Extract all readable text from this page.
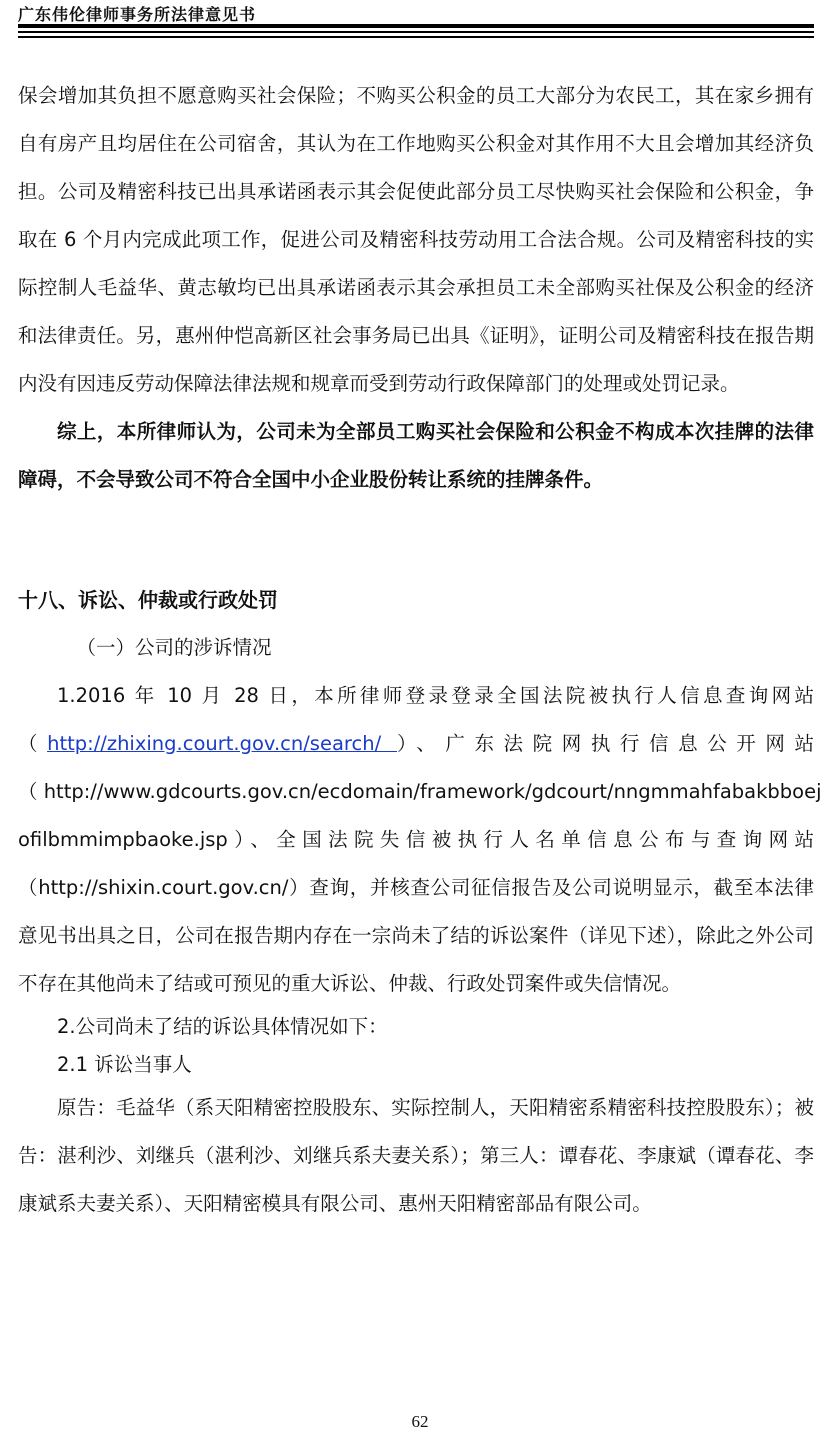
广东伟伦律师事务所法律意见书

保会增加其负担不愿意购买社会保险；不购买公积金的员工大部分为农民工，其在家乡拥有自有房产且均居住在公司宿舍，其认为在工作地购买公积金对其作用不大且会增加其经济负担。公司及精密科技已出具承诺函表示其会促使此部分员工尽快购买社会保险和公积金，争取在 6 个月内完成此项工作，促进公司及精密科技劳动用工合法合规。公司及精密科技的实际控制人毛益华、黄志敏均已出具承诺函表示其会承担员工未全部购买社保及公积金的经济和法律责任。另，惠州仲恺高新区社会事务局已出具《证明》，证明公司及精密科技在报告期内没有因违反劳动保障法律法规和规章而受到劳动行政保障部门的处理或处罚记录。

综上，本所律师认为，公司未为全部员工购买社会保险和公积金不构成本次挂牌的法律障碍，不会导致公司不符合全国中小企业股份转让系统的挂牌条件。

十八、诉讼、仲裁或行政处罚

（一）公司的涉诉情况

1.2016 年 10 月 28 日，本所律师登录登录全国法院被执行人信息查询网站

（http://zhixing.court.gov.cn/search/ ）、广东法院网执行信息公开网站

（ http://www.gdcourts.gov.cn/ecdomain/framework/gdcourt/nngmmahfabakbboej

ofilbmmimpbaoke.jsp）、全国法院失信被执行人名单信息公布与查询网站

（http://shixin.court.gov.cn/）查询，并核查公司征信报告及公司说明显示，截至本法律意见书出具之日，公司在报告期内存在一宗尚未了结的诉讼案件（详见下述），除此之外公司不存在其他尚未了结或可预见的重大诉讼、仲裁、行政处罚案件或失信情况。

2.公司尚未了结的诉讼具体情况如下：

2.1 诉讼当事人

原告：毛益华（系天阳精密控股股东、实际控制人，天阳精密系精密科技控股股东）；被告：湛利沙、刘继兵（湛利沙、刘继兵系夫妻关系）；第三人：谭春花、李康斌（谭春花、李康斌系夫妻关系）、天阳精密模具有限公司、惠州天阳精密部品有限公司。

62
